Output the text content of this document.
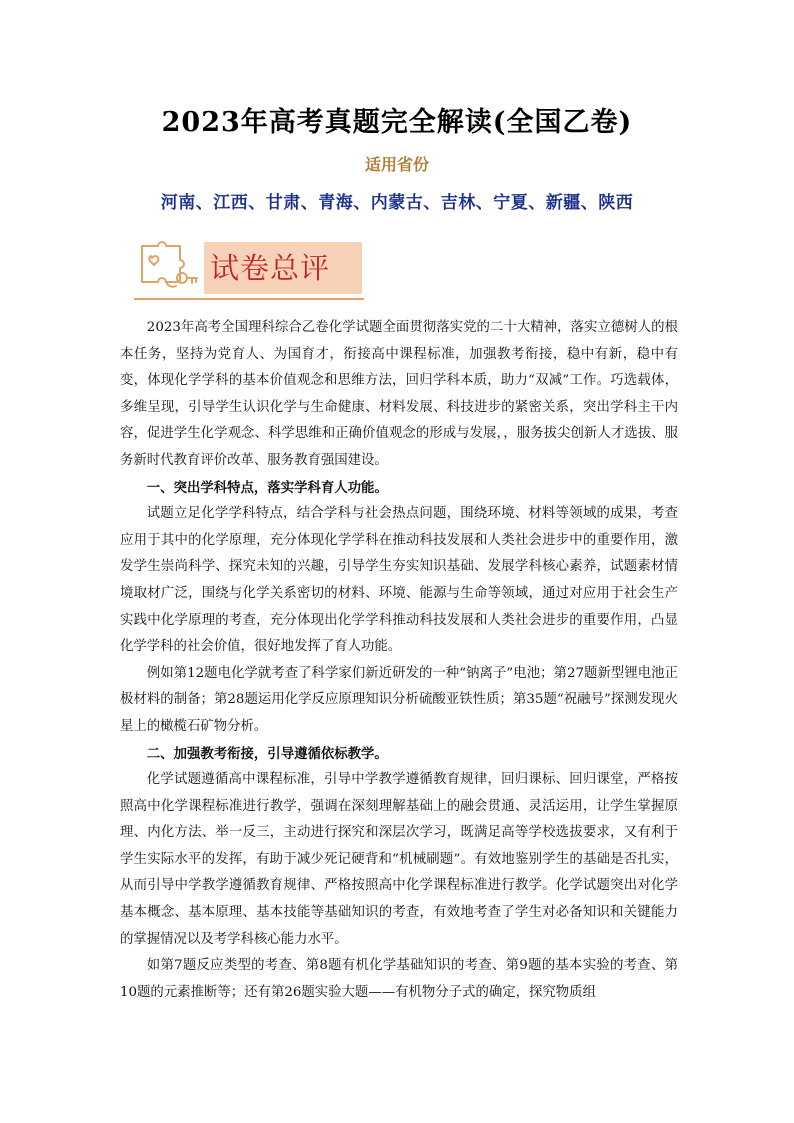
2023年高考真题完全解读(全国乙卷)
适用省份
河南、江西、甘肃、青海、内蒙古、吉林、宁夏、新疆、陕西
试卷总评

2023年高考全国理科综合乙卷化学试题全面贯彻落实党的二十大精神，落实立德树人的根本任务，坚持为党育人、为国育才，衔接高中课程标准，加强教考衔接，稳中有新，稳中有变，体现化学学科的基本价值观念和思维方法，回归学科本质，助力“双减”工作。巧选载体，多维呈现，引导学生认识化学与生命健康、材料发展、科技进步的紧密关系，突出学科主干内容，促进学生化学观念、科学思维和正确价值观念的形成与发展，，服务拔尖创新人才选拔、服务新时代教育评价改革、服务教育强国建设。

一、突出学科特点，落实学科育人功能。

试题立足化学学科特点，结合学科与社会热点问题，围绕环境、材料等领域的成果，考查应用于其中的化学原理，充分体现化学学科在推动科技发展和人类社会进步中的重要作用，激发学生崇尚科学、探究未知的兴趣，引导学生夯实知识基础、发展学科核心素养，试题素材情境取材广泛，围绕与化学关系密切的材料、环境、能源与生命等领域，通过对应用于社会生产实践中化学原理的考查，充分体现出化学学科推动科技发展和人类社会进步的重要作用，凸显化学学科的社会价值，很好地发挥了育人功能。

例如第12题电化学就考查了科学家们新近研发的一种“钠离子”电池；第27题新型锂电池正极材料的制备；第28题运用化学反应原理知识分析硫酸亚铁性质；第35题“祝融号”探测发现火星上的橄榄石矿物分析。

二、加强教考衔接，引导遵循依标教学。

化学试题遵循高中课程标准，引导中学教学遵循教育规律，回归课标、回归课堂，严格按照高中化学课程标准进行教学，强调在深刻理解基础上的融会贯通、灵活运用，让学生掌握原理、内化方法、举一反三，主动进行探究和深层次学习，既满足高等学校选拔要求，又有利于学生实际水平的发挥，有助于减少死记硬背和“机械刷题”。有效地鉴别学生的基础是否扎实，从而引导中学教学遵循教育规律、严格按照高中化学课程标准进行教学。化学试题突出对化学基本概念、基本原理、基本技能等基础知识的考查，有效地考查了学生对必备知识和关键能力的掌握情况以及考学科核心能力水平。

如第7题反应类型的考查、第8题有机化学基础知识的考查、第9题的基本实验的考查、第10题的元素推断等；还有第26题实验大题——有机物分子式的确定，探究物质组
